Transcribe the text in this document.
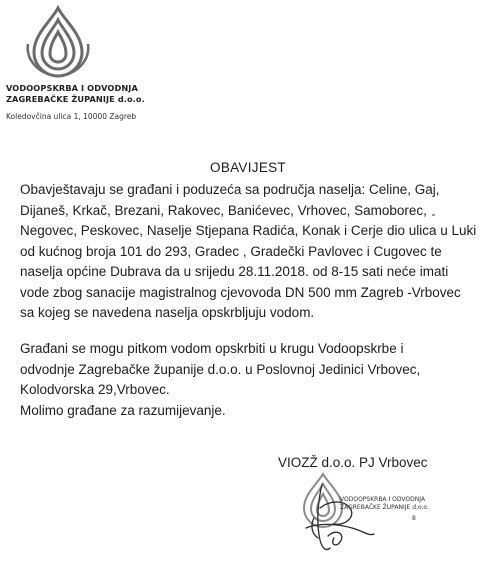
VODOOPSKRBA I ODVODNJA
ZAGREBAČKE ŽUPANIJE d.o.o.
Koledovčina ulica 1, 10000 Zagreb
OBAVIJEST
Obavještavaju se građani i poduzeća sa područja naselja: Celine, Gaj,
Dijaneš, Krkač, Brezani, Rakovec, Banićevec, Vrhovec, Samoborec,
Negovec, Peskovec, Naselje Stjepana Radića, Konak i Cerje dio ulica u Luki
od kućnog broja 101 do 293, Gradec , Gradečki Pavlovec i Cugovec te
naselja općine Dubrava da u srijedu 28.11.2018. od 8-15 sati neće imati
vode zbog sanacije magistralnog cjevovoda DN 500 mm Zagreb -Vrbovec
sa kojeg se navedena naselja opskrbljuju vodom.
Građani se mogu pitkom vodom opskrbiti u krugu Vodoopskrbe i
odvodnje Zagrebačke županije d.o.o. u Poslovnoj Jedinici Vrbovec,
Kolodvorska 29,Vrbovec.
Molimo građane za razumijevanje.
VIOZŽ d.o.o. PJ Vrbovec
VODOOPSKRBA I ODVODNJA
ZAGREBAČKE ŽUPANIJE d.o.o.
8
